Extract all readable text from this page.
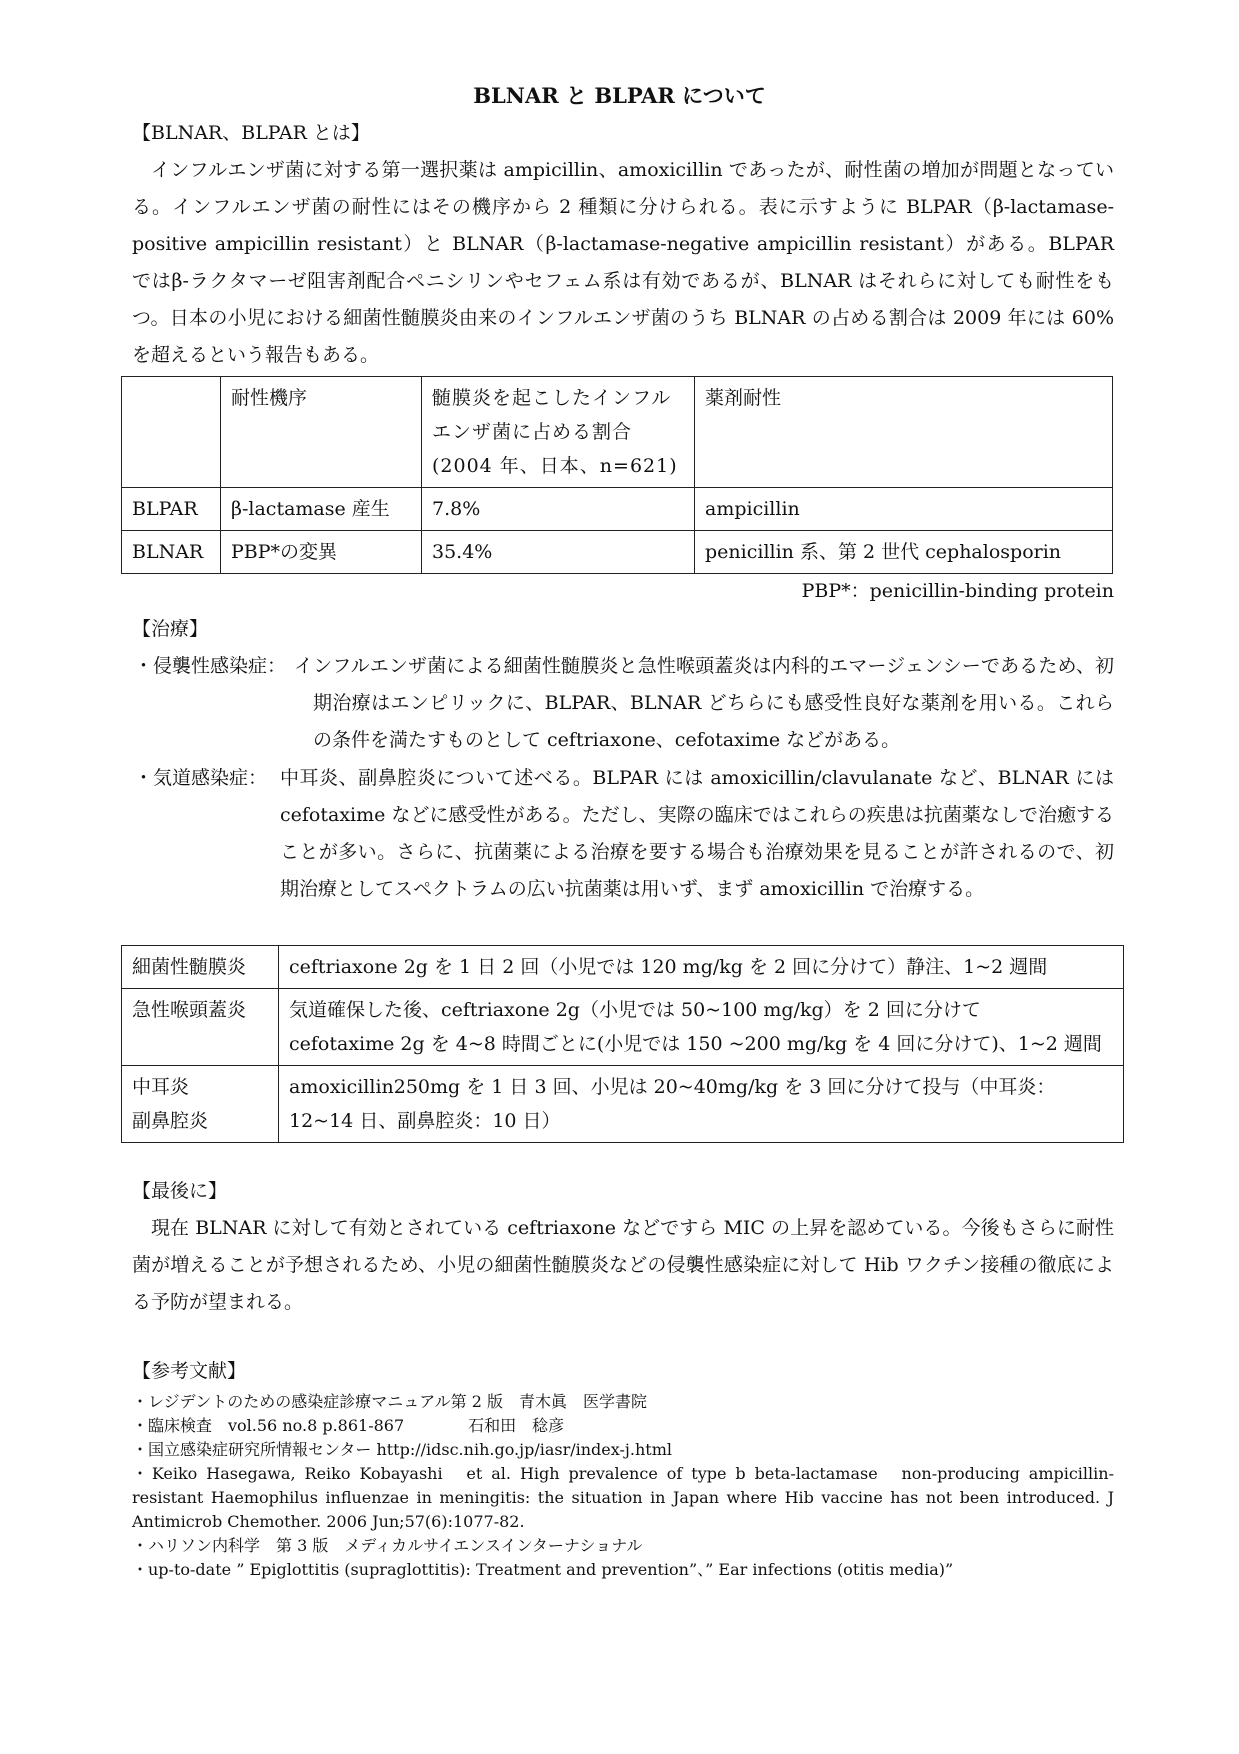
BLNAR と BLPAR について
【BLNAR、BLPAR とは】

インフルエンザ菌に対する第一選択薬は ampicillin、amoxicillin であったが、耐性菌の増加が問題となっている。インフルエンザ菌の耐性にはその機序から 2 種類に分けられる。表に示すように BLPAR（β-lactamase-positive ampicillin resistant）と BLNAR（β-lactamase-negative ampicillin resistant）がある。BLPAR ではβ-ラクタマーゼ阻害剤配合ペニシリンやセフェム系は有効であるが、BLNAR はそれらに対しても耐性をもつ。日本の小児における細菌性髄膜炎由来のインフルエンザ菌のうち BLNAR の占める割合は 2009 年には 60%を超えるという報告もある。

	耐性機序	髄膜炎を起こしたインフルエンザ菌に占める割合(2004 年、日本、n=621)	薬剤耐性
BLPAR	β-lactamase 産生	7.8%	ampicillin
BLNAR	PBP*の変異	35.4%	penicillin 系、第 2 世代 cephalosporin
PBP*：penicillin-binding protein
【治療】
・侵襲性感染症： インフルエンザ菌による細菌性髄膜炎と急性喉頭蓋炎は内科的エマージェンシーであるため、初期治療はエンピリックに、BLPAR、BLNAR どちらにも感受性良好な薬剤を用いる。これらの条件を満たすものとして ceftriaxone、cefotaxime などがある。
・気道感染症： 中耳炎、副鼻腔炎について述べる。BLPAR には amoxicillin/clavulanate など、BLNAR には cefotaxime などに感受性がある。ただし、実際の臨床ではこれらの疾患は抗菌薬なしで治癒することが多い。さらに、抗菌薬による治療を要する場合も治療効果を見ることが許されるので、初期治療としてスペクトラムの広い抗菌薬は用いず、まず amoxicillin で治療する。
細菌性髄膜炎	ceftriaxone 2g を 1 日 2 回（小児では 120 mg/kg を 2 回に分けて）静注、1~2 週間
急性喉頭蓋炎	気道確保した後、ceftriaxone 2g（小児では 50~100 mg/kg）を 2 回に分けて
cefotaxime 2g を 4~8 時間ごとに(小児では 150 ~200 mg/kg を 4 回に分けて)、1~2 週間

中耳炎
副鼻腔炎	amoxicillin250mg を 1 日 3 回、小児は 20~40mg/kg を 3 回に分けて投与（中耳炎：12~14 日、副鼻腔炎：10 日）
【最後に】

現在 BLNAR に対して有効とされている ceftriaxone などですら MIC の上昇を認めている。今後もさらに耐性菌が増えることが予想されるため、小児の細菌性髄膜炎などの侵襲性感染症に対して Hib ワクチン接種の徹底による予防が望まれる。

【参考文献】
・レジデントのための感染症診療マニュアル第 2 版　青木眞　医学書院
・臨床検査　vol.56 no.8 p.861-867　　　　石和田　稔彦
・国立感染症研究所情報センター http://idsc.nih.go.jp/iasr/index-j.html
・Keiko Hasegawa, Reiko Kobayashi　et al. High prevalence of type b beta-lactamase　non-producing ampicillin-resistant Haemophilus influenzae in meningitis: the situation in Japan where Hib vaccine has not been introduced. J Antimicrob Chemother. 2006 Jun;57(6):1077-82.
・ハリソン内科学　第 3 版　メディカルサイエンスインターナショナル
・up-to-date ” Epiglottitis (supraglottitis): Treatment and prevention”、” Ear infections (otitis media)”
